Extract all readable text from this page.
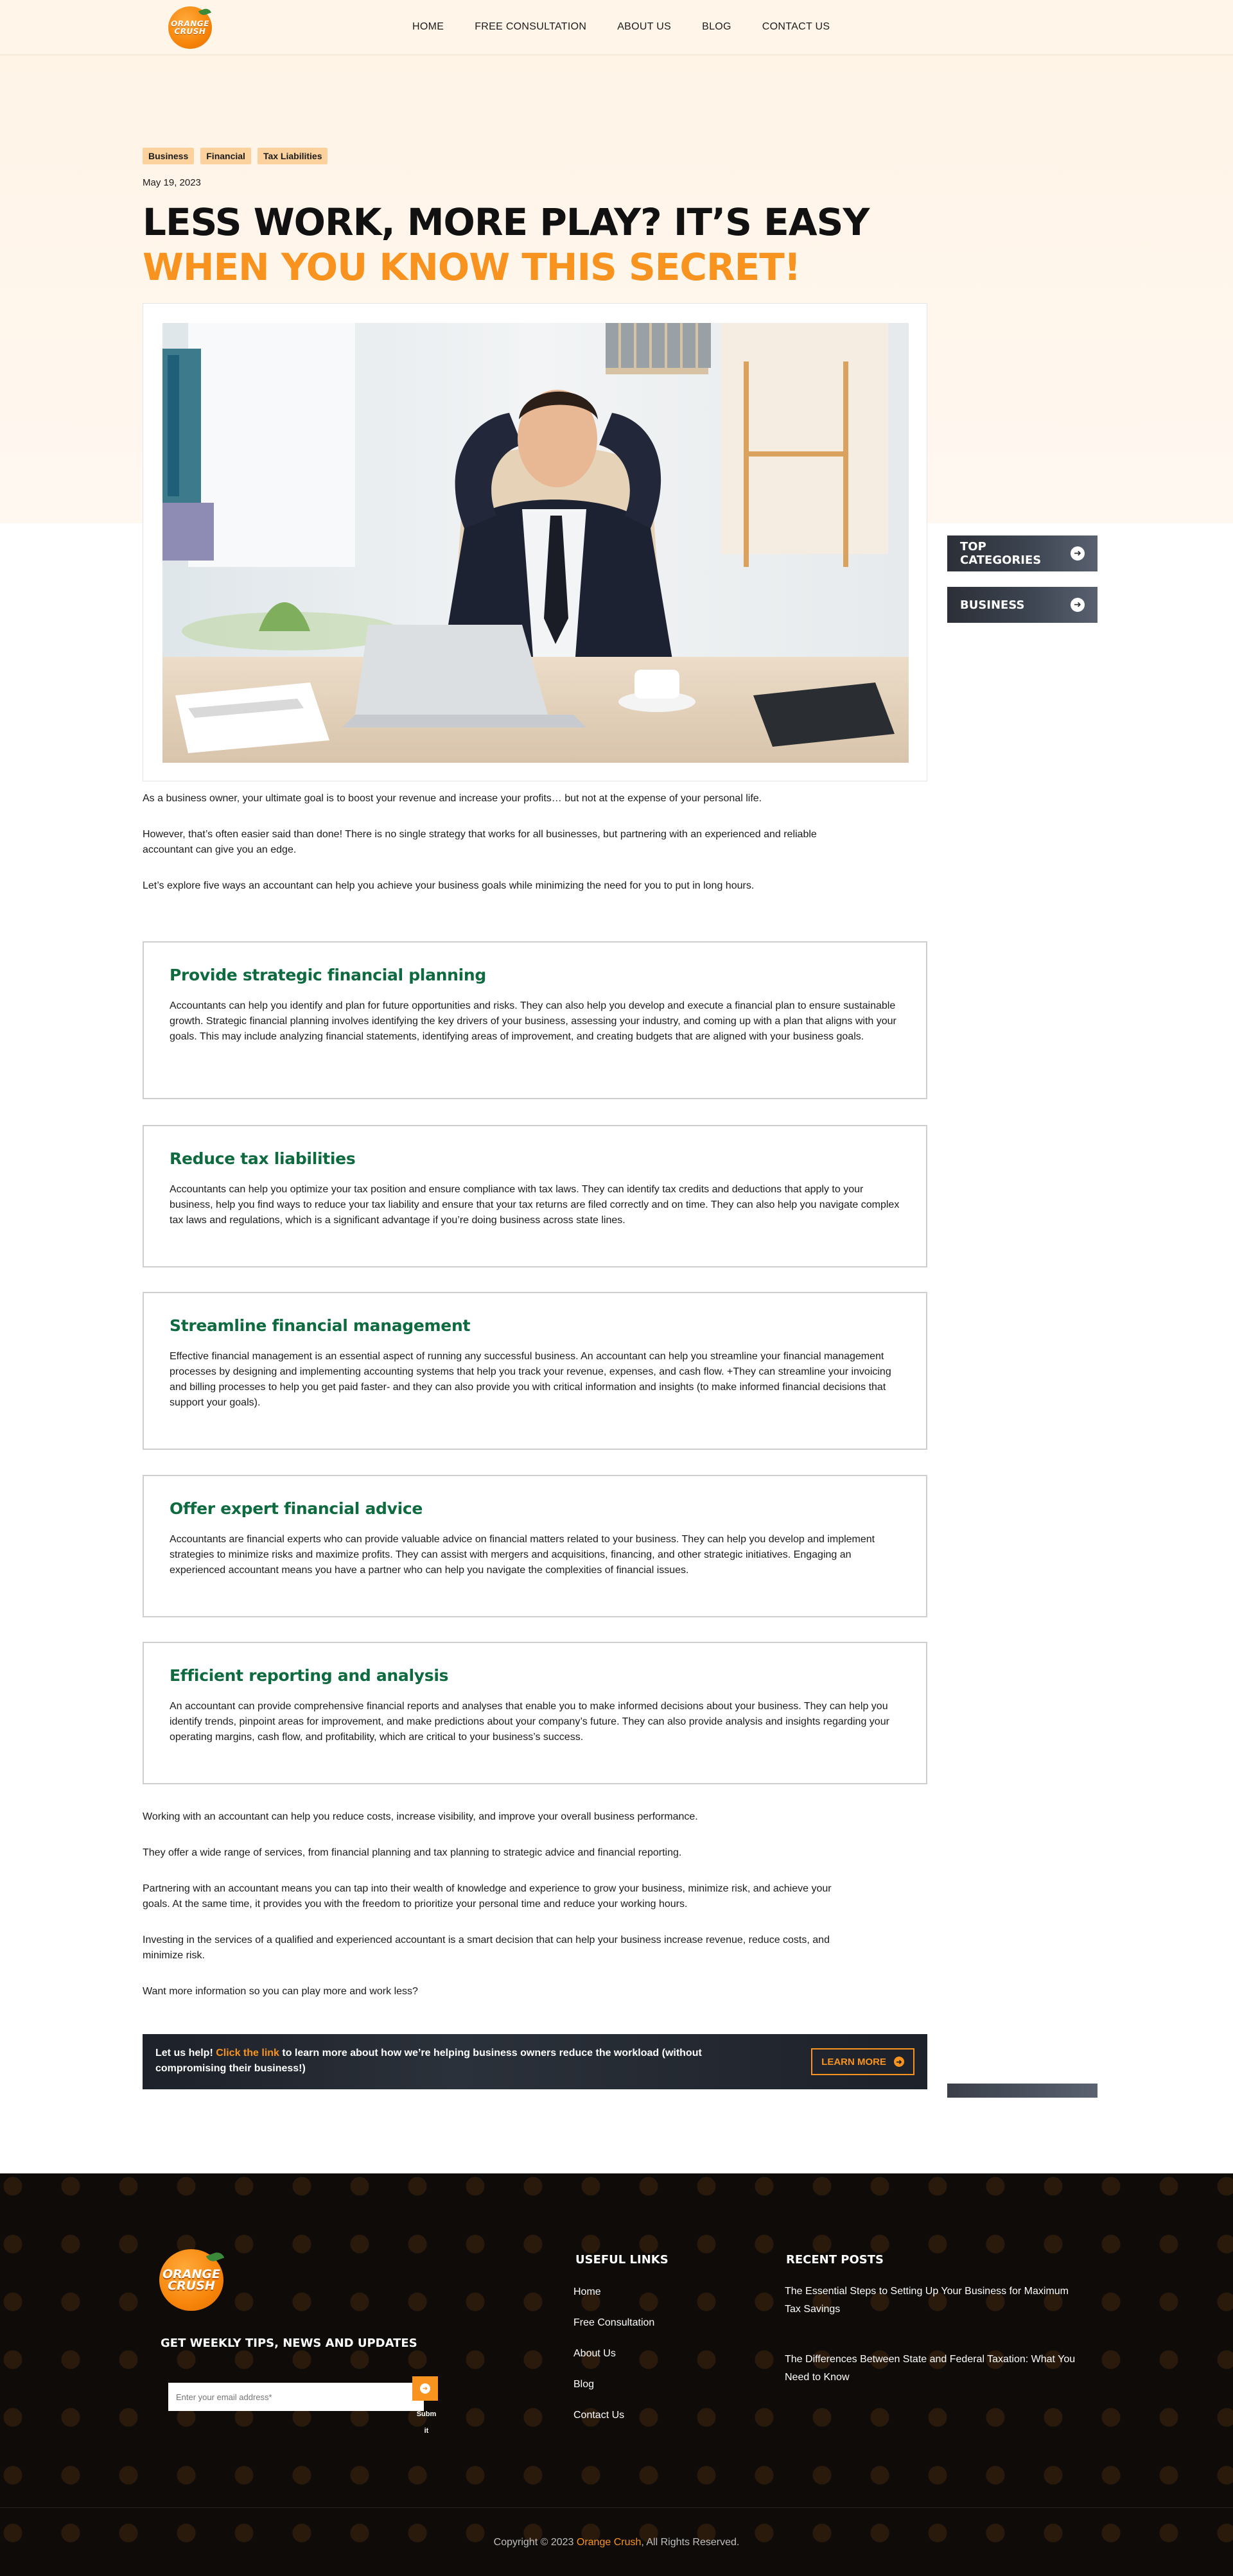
ORANGE
CRUSH	HOME	FREE CONSULTATION	ABOUT US	BLOG	CONTACT US
Business	Financial	Tax Liabilities
May 19, 2023
LESS WORK, MORE PLAY? IT’S EASY
WHEN YOU KNOW THIS SECRET!

As a business owner, your ultimate goal is to boost your revenue and increase your profits… but not at the expense of your personal life.

However, that’s often easier said than done! There is no single strategy that works for all businesses, but partnering with an experienced and reliable accountant can give you an edge.

Let’s explore five ways an accountant can help you achieve your business goals while minimizing the need for you to put in long hours.

Provide strategic financial planning

Accountants can help you identify and plan for future opportunities and risks. They can also help you develop and execute a financial plan to ensure sustainable growth. Strategic financial planning involves identifying the key drivers of your business, assessing your industry, and coming up with a plan that aligns with your goals. This may include analyzing financial statements, identifying areas of improvement, and creating budgets that are aligned with your business goals.

Reduce tax liabilities

Accountants can help you optimize your tax position and ensure compliance with tax laws. They can identify tax credits and deductions that apply to your business, help you find ways to reduce your tax liability and ensure that your tax returns are filed correctly and on time. They can also help you navigate complex tax laws and regulations, which is a significant advantage if you’re doing business across state lines.

Streamline financial management

Effective financial management is an essential aspect of running any successful business. An accountant can help you streamline your financial management processes by designing and implementing accounting systems that help you track your revenue, expenses, and cash flow. +They can streamline your invoicing and billing processes to help you get paid faster- and they can also provide you with critical information and insights (to make informed financial decisions that support your goals).

Offer expert financial advice

Accountants are financial experts who can provide valuable advice on financial matters related to your business. They can help you develop and implement strategies to minimize risks and maximize profits. They can assist with mergers and acquisitions, financing, and other strategic initiatives. Engaging an experienced accountant means you have a partner who can help you navigate the complexities of financial issues.

Efficient reporting and analysis

An accountant can provide comprehensive financial reports and analyses that enable you to make informed decisions about your business. They can help you identify trends, pinpoint areas for improvement, and make predictions about your company’s future. They can also provide analysis and insights regarding your operating margins, cash flow, and profitability, which are critical to your business’s success.

Working with an accountant can help you reduce costs, increase visibility, and improve your overall business performance.

They offer a wide range of services, from financial planning and tax planning to strategic advice and financial reporting.

Partnering with an accountant means you can tap into their wealth of knowledge and experience to grow your business, minimize risk, and achieve your goals. At the same time, it provides you with the freedom to prioritize your personal time and reduce your working hours.

Investing in the services of a qualified and experienced accountant is a smart decision that can help your business increase revenue, reduce costs, and minimize risk.

Want more information so you can play more and work less?

Let us help! Click the link to learn more about how we’re helping business owners reduce the workload (without compromising their business!)
LEARN MORE	➜
TOP CATEGORIES	➜
BUSINESS	➜
ORANGE
CRUSH
GET WEEKLY TIPS, NEWS AND UPDATES
Enter your email address*
➜
Subm it
USEFUL LINKS
Home
Free Consultation
About Us
Blog
Contact Us
RECENT POSTS
The Essential Steps to Setting Up Your Business for Maximum Tax Savings
The Differences Between State and Federal Taxation: What You Need to Know
Copyright © 2023 Orange Crush, All Rights Reserved.
